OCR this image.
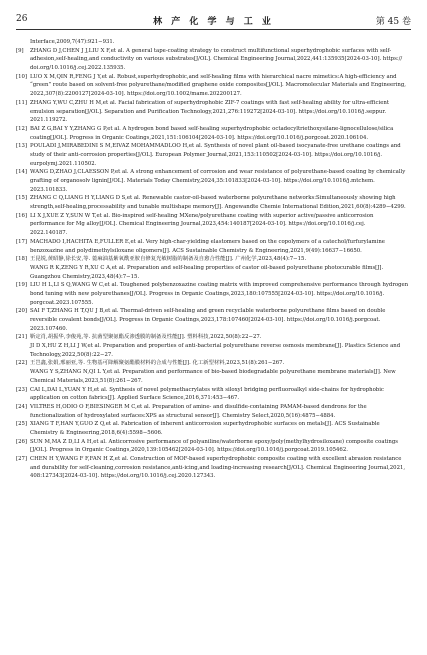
26	林 产 化 学 与 工 业	第 45 卷
Interface,2009,7(47):921−931.
[9] ZHANG D J,CHEN J J,LIU X F,et al. A general tape-coating strategy to construct multifunctional superhydrophobic surfaces with self-
adhesion,self-healing,and conductivity on various substrates[J/OL]. Chemical Engineering Journal,2022,441:135935[2024-03-10]. https://
doi.org/10.1016/j.cej.2022.135935.
[10] LUO X M,QIN R,FENG J Y,et al. Robust,superhydrophobic,and self-healing films with hierarchical nacre mimetics:A high-efficiency and
“green” route based on solvent-free polyurethane/modified graphene oxide composites[J/OL]. Macromolecular Materials and Engineering,
2022,307(8):2200127[2024-03-10]. https://doi.org/10.1002/mame.202200127.
[11] ZHANG Y,WU C,ZHU H M,et al. Facial fabrication of superhydrophobic ZIF-7 coatings with fast self-healing ability for ultra-efficient
emulsion separation[J/OL]. Separation and Purification Technology,2021,276:119272[2024-03-10]. https://doi.org/10.1016/j.seppur.
2021.119272.
[12] BAI Z G,BAI Y Y,ZHANG G P,et al. A hydrogen bond based self-healing superhydrophobic octadecyltriethoxysilane-lignocellulose/silica
coating[J/OL]. Progress in Organic Coatings,2021,151:106104[2024-03-10]. https://doi.org/10.1016/j.porgcoat.2020.106104.
[13] POULADI J,MIRABEDINI S M,EIVAZ MOHAMMADLOO H,et al. Synthesis of novel plant oil-based isocyanate-free urethane coatings and
study of their anti-corrosion properties[J/OL]. European Polymer Journal,2021,153:110502[2024-03-10]. https://doi.org/10.1016/j.
eurpolymj.2021.110502.
[14] WANG D,ZHAO J,CLAESSON P,et al. A strong enhancement of corrosion and wear resistance of polyurethane-based coating by chemically
grafting of organosolv lignin[J/OL]. Materials Today Chemistry,2024,35:101833[2024-03-10]. https://doi.org/10.1016/j.mtchem.
2023.101833.
[15] ZHANG C Q,LIANG H Y,LIANG D S,et al. Renewable castor-oil-based waterborne polyurethane networks:Simultaneously showing high
strength,self-healing,processability and tunable multishape memory[J]. Angewandte Chemie International Edition,2021,60(8):4289−4299.
[16] LI X J,XUE Z Y,SUN W T,et al. Bio-inspired self-healing MXene/polyurethane coating with superior active/passive anticorrosion
performance for Mg alloy[J/OL]. Chemical Engineering Journal,2023,454:140187[2024-03-10]. https://doi.org/10.1016/j.cej.
2022.140187.
[17] MACHADO I,HACHITA E,FULLER E,et al. Very high-char-yielding elastomers based on the copolymers of a catechol/furfurylamine
benzoxazine and polydimethylsiloxane oligomers[J]. ACS Sustainable Chemistry & Engineering,2021,9(49):16637−16650.
[18] 王昆锐,黄昭静,徐长安,等. 蓖麻油基紫氧酰亚胺自修复光敏树脂的制备及自愈合性能[J]. 广州化学,2023,48(4):7−15.
WANG R K,ZENG Y R,XU C A,et al. Preparation and self-healing properties of castor oil-based polyurethane photocurable films[J].
Guangzhou Chemistry,2023,48(4):7−15.
[19] LIU H L,LI S Q,WANG W C,et al. Toughened polybenzoxazine coating matrix with improved comprehensive performance through hydrogen
bond tuning with new polyurethanes[J/OL]. Progress in Organic Coatings,2023,180:107555[2024-03-10]. https://doi.org/10.1016/j.
porgcoat.2023.107555.
[20] SAI F T,ZHANG H T,QU J B,et al. Thermal-driven self-healing and green recyclable waterborne polyurethane films based on double
reversible covalent bonds[J/OL]. Progress in Organic Coatings,2023,178:107460[2024-03-10]. https://doi.org/10.1016/j.porgcoat.
2023.107460.
[21] 靳定肖,胡振华,李俊苑,等. 抗菌型聚氨酯反渗透膜的制备及性能[J]. 塑料科技,2022,50(8):22−27.
JI D X,HU Z H,LI J W,et al. Preparation and properties of anti-bacterial polyurethane reverse osmosis membrane[J]. Plastics Science and
Technology,2022,50(8):22−27.
[22] 王岂鑫,张娟,邢丽亚,等. 生物基可降解聚氨酯膜材料的合成与性能[J]. 化工新型材料,2023,51(8):261−267.
WANG Y S,ZHANG N,QI L Y,et al. Preparation and performance of bio-based biodegradable polyurethane membrane materials[J]. New
Chemical Materials,2023,51(8):261−267.
[23] CAI L,DAI L,YUAN Y H,et al. Synthesis of novel polymethacrylates with siloxyl bridging perfluoroalkyl side-chains for hydrophobic
application on cotton fabrics[J]. Applied Surface Science,2016,371:453−467.
[24] VILTRES H,ODIO O F,BIESINGER M C,et al. Preparation of amine- and disulfide-containing PAMAM-based dendrons for the
functionalization of hydroxylated surfaces:XPS as structural sensor[J]. Chemistry Select,2020,5(16):4875−4884.
[25] XIANG T F,HAN Y,GUO Z Q,et al. Fabrication of inherent anticorrosion superhydrophobic surfaces on metals[J]. ACS Sustainable
Chemistry & Engineering,2018,6(4):5598−5606.
[26] SUN M,MA Z D,LI A H,et al. Anticorrosive performance of polyaniline/waterborne epoxy/poly(methylhydrosiloxane) composite coatings
[J/OL]. Progress in Organic Coatings,2020,139:105462[2024-03-10]. https://doi.org/10.1016/j.porgcoat.2019.105462.
[27] CHEN H Y,WANG F F,FAN H Z,et al. Construction of MOF-based superhydrophobic composite coating with excellent abrasion resistance
and durability for self-cleaning,corrosion resistance,anti-icing,and loading-increasing research[J/OL]. Chemical Engineering Journal,2021,
408:127343[2024-03-10]. https://doi.org/10.1016/j.cej.2020.127343.
